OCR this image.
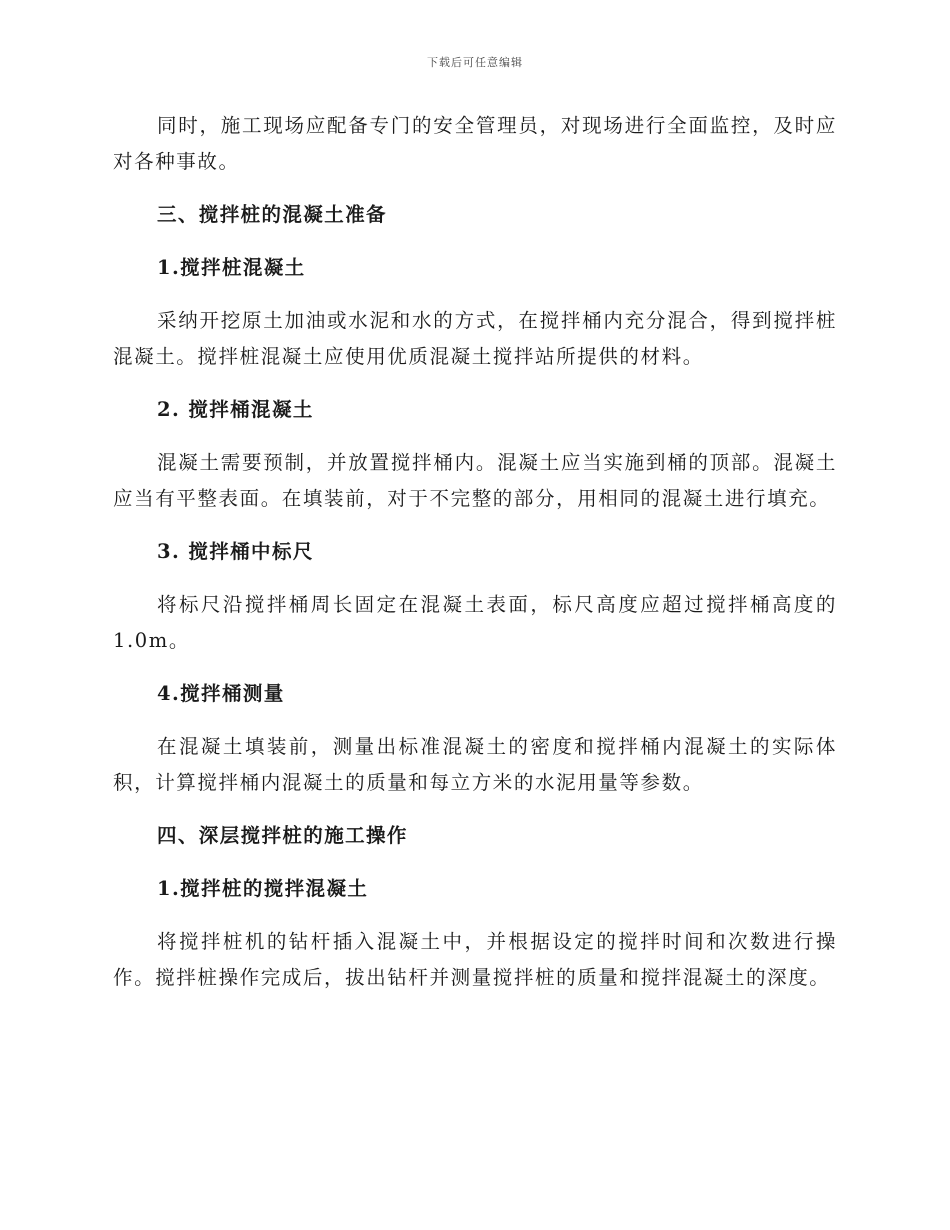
下载后可任意编辑

同时，施工现场应配备专门的安全管理员，对现场进行全面监控，及时应对各种事故。

三、搅拌桩的混凝土准备
1.搅拌桩混凝土

采纳开挖原土加油或水泥和水的方式，在搅拌桶内充分混合，得到搅拌桩混凝土。搅拌桩混凝土应使用优质混凝土搅拌站所提供的材料。

2. 搅拌桶混凝土

混凝土需要预制，并放置搅拌桶内。混凝土应当实施到桶的顶部。混凝土应当有平整表面。在填装前，对于不完整的部分，用相同的混凝土进行填充。

3. 搅拌桶中标尺

将标尺沿搅拌桶周长固定在混凝土表面，标尺高度应超过搅拌桶高度的1.0m。

4.搅拌桶测量

在混凝土填装前，测量出标准混凝土的密度和搅拌桶内混凝土的实际体积，计算搅拌桶内混凝土的质量和每立方米的水泥用量等参数。

四、深层搅拌桩的施工操作
1.搅拌桩的搅拌混凝土

将搅拌桩机的钻杆插入混凝土中，并根据设定的搅拌时间和次数进行操作。搅拌桩操作完成后，拔出钻杆并测量搅拌桩的质量和搅拌混凝土的深度。
